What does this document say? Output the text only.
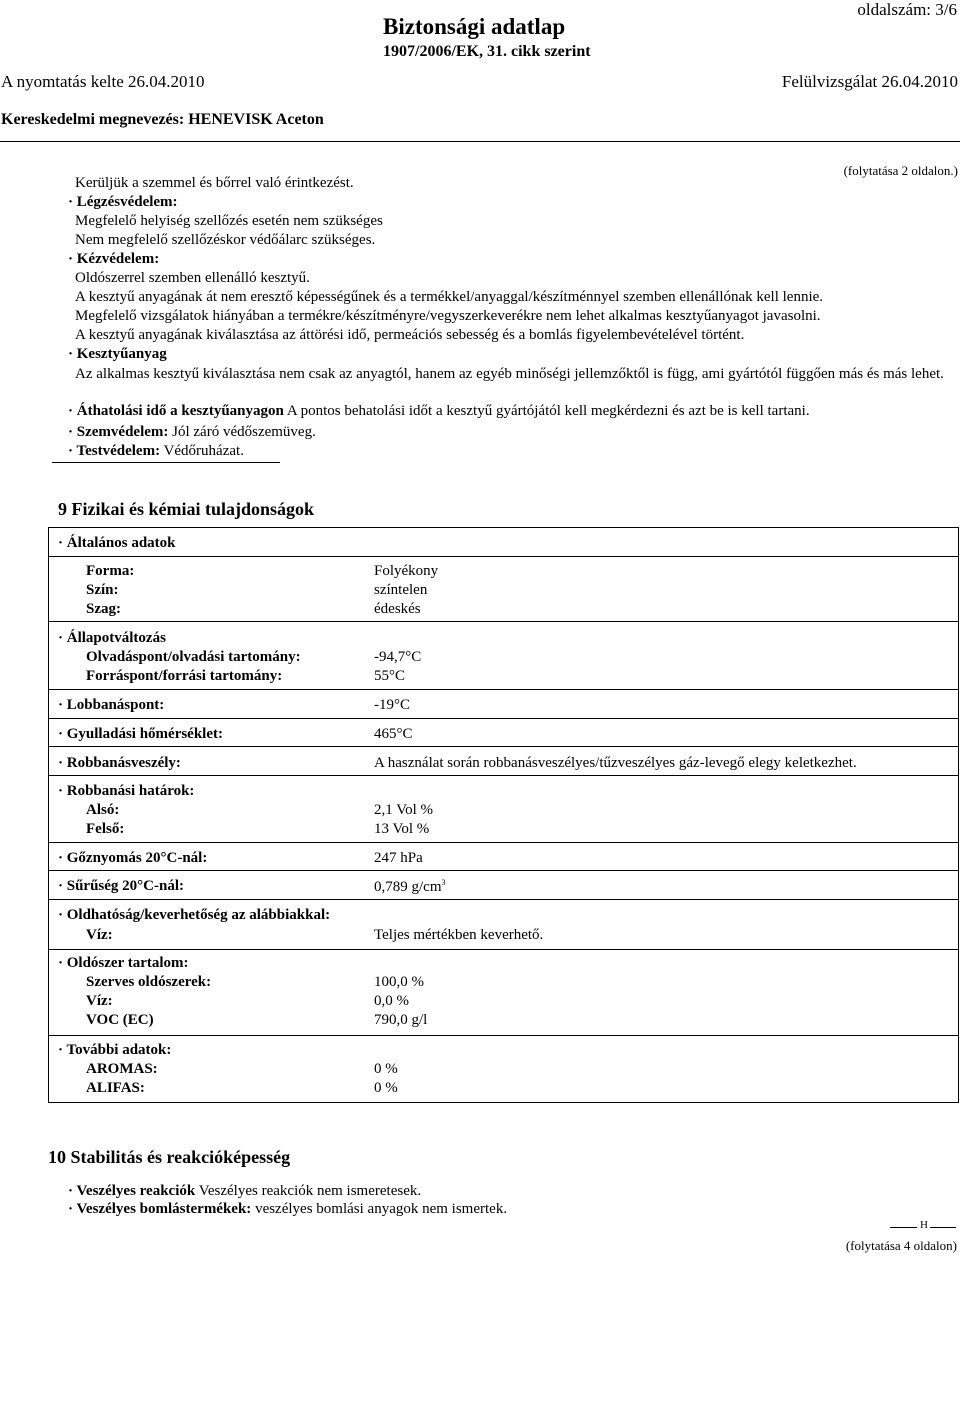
oldalszám: 3/6
Biztonsági adatlap
1907/2006/EK, 31. cikk szerint
A nyomtatás kelte 26.04.2010	Felülvizsgálat 26.04.2010
Kereskedelmi megnevezés: HENEVISK Aceton
(folytatása 2 oldalon.)
Kerüljük a szemmel és bőrrel való érintkezést.
· Légzésvédelem:
Megfelelő helyiség szellőzés esetén nem szükséges
Nem megfelelő szellőzéskor védőálarc szükséges.
· Kézvédelem:
Oldószerrel szemben ellenálló kesztyű.
A kesztyű anyagának át nem eresztő képességűnek és a termékkel/anyaggal/készítménnyel szemben ellenállónak kell lennie.
Megfelelő vizsgálatok hiányában a termékre/készítményre/vegyszerkeverékre nem lehet alkalmas kesztyűanyagot javasolni.
A kesztyű anyagának kiválasztása az áttörési idő, permeációs sebesség és a bomlás figyelembevételével történt.
· Kesztyűanyag
Az alkalmas kesztyű kiválasztása nem csak az anyagtól, hanem az egyéb minőségi jellemzőktől is függ, ami gyártótól függően más és más lehet.
· Áthatolási idő a kesztyűanyagon A pontos behatolási időt a kesztyű gyártójától kell megkérdezni és azt be is kell tartani.
· Szemvédelem: Jól záró védőszemüveg.
· Testvédelem: Védőruházat.
9 Fizikai és kémiai tulajdonságok
· Általános adatok
Forma:	Folyékony
Szín:	színtelen
Szag:	édeskés
· Állapotváltozás
Olvadáspont/olvadási tartomány:	-94,7°C
Forráspont/forrási tartomány:	55°C
· Lobbanáspont:	-19°C
· Gyulladási hőmérséklet:	465°C
· Robbanásveszély:	A használat során robbanásveszélyes/tűzveszélyes gáz-levegő elegy keletkezhet.
· Robbanási határok:
Alsó:	2,1 Vol %
Felső:	13 Vol %
· Gőznyomás 20°C-nál:	247 hPa
· Sűrűség 20°C-nál:	0,789 $g/cm^3$
· Oldhatóság/keverhetőség az alábbiakkal:
Víz:	Teljes mértékben keverhető.
· Oldószer tartalom:
Szerves oldószerek:	100,0 %
Víz:	0,0 %
VOC (EC)	790,0 g/l
· További adatok:
AROMAS:	0 %
ALIFAS:	0 %
10 Stabilitás és reakcióképesség
· Veszélyes reakciók Veszélyes reakciók nem ismeretesek.
· Veszélyes bomlástermékek: veszélyes bomlási anyagok nem ismertek.
H
(folytatása 4 oldalon)
